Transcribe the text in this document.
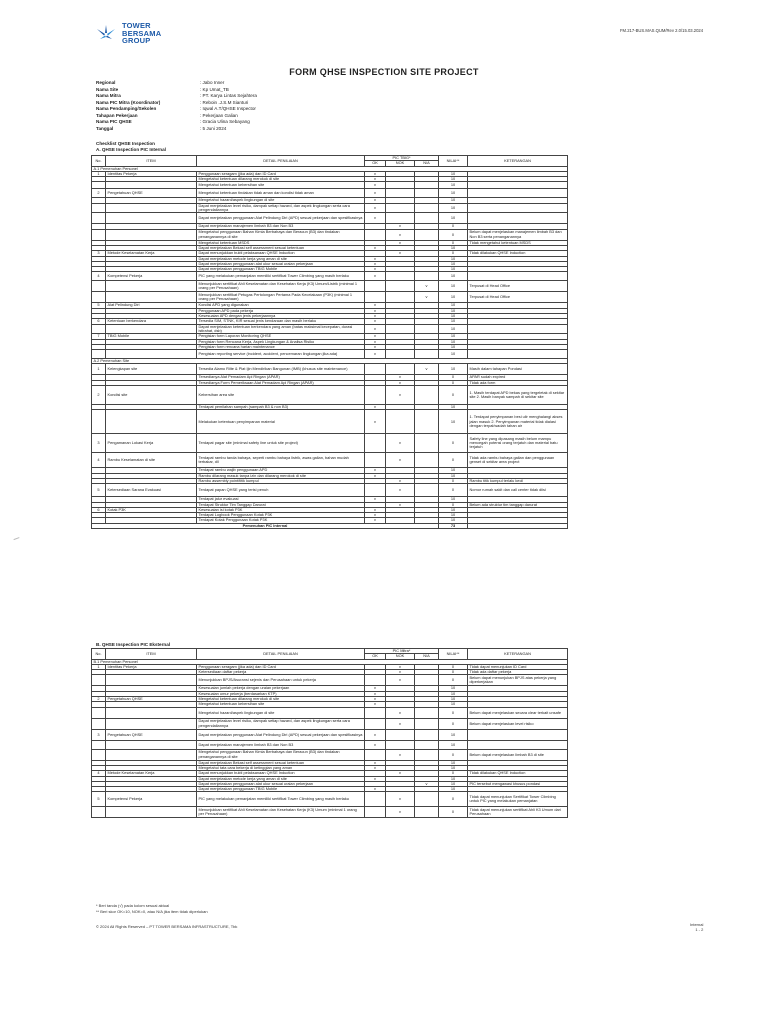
TOWER
BERSAMA
GROUP
FM.217-BUS.MAS.QUM/Rev 2.0/15.03.2024
FORM QHSE INSPECTION SITE PROJECT
Regional	: Jabo Inner
Nama Site	: Kp Umat_TB
Nama Mitra	: PT. Karya Lintas Sejahtera
Nama PIC Mitra (Koordinator)	: Reboin .J.S.M Sianturi
Nama Pendamping/Sekolen	: Iqwal A.T/QHSE Inspector
Tahapan Pekerjaan	: Pekerjaan Galian
Nama PIC QHSE	: Gracia Ulina Sebayang
Tanggal	: 5 Juni 2024
Checklist QHSE Inspection
A. QHSE Inspection PIC Internal
No.	ITEM	DETAIL PENILAIAN	PIC TBIG*			NILAI**	KETERANGAN
			OK	NOK	N/A		
A.1 Pemenuhan Personel							
1	Identitas Pekerja	Penggunaan seragam (jika ada) dan ID Card	v			10	
		Mengetahui ketentuan dilarang merokok di site	v			10	
		Mengetahui ketentuan kebersihan site	v			10	
2	Pengetahuan QHSE	Mengetahui ketentuan tindakan tidak aman dan kondisi tidak aman	v			10	
		Mengetahui hazard/aspek lingkungan di site	v			10	
		Dapat menjelaskan level risiko, dampak setiap hazard, dan aspek lingkungan serta cara pengendaliannya	v			10	
		Dapat menjelaskan penggunaan Alat Pelindung Diri (APD) sesuai pekerjaan dan spesifikasinya	v			10	
		Dapat menjelaskan manajemen limbah B3 dan Non B3		v		0	
		Mengetahui penggunaan Bahan Kimia Berbahaya dan Beracun (B3) dan tindakan penanganannya di site		v		0	Belum dapat menjelaskan manajemen limbah B3 dan Non B3 serta penanganannya
		Mengetahui ketentuan MSDS		v		0	Tidak mengetahui ketentuan MSDS
		Dapat menjelaskan Bekasi self assessment sesuai ketentuan	v			10	
3	Metode Keselamatan Kerja	Dapat menunjukkan bukti pelaksanaan QHSE Induction		v		0	Tidak dilakukan QHSE Induction
		Dapat menjelaskan metode kerja yang aman di site	v			10	
		Dapat menjelaskan penggunaan alat ukur sesuai uraian pekerjaan	v			10	
		Dapat menjelaskan penggunaan TBIG Mobile	v			10	
4	Kompetensi Pekerja	PIC yang melakukan pemanjatan memiliki sertifikat Tower Climbing yang masih berlaku	v			10	
		Menunjukkan sertifikat Ahli Keselamatan dan Kesehatan Kerja (K3) Umum/Listrik (minimal 1 orang per Perusahaan)			v	10	Terpusat di Head Office
		Menunjukkan sertifikat Petugas Pertolongan Pertama Pada Kecelakaan (P3K) (minimal 1 orang per Perusahaan)			v	10	Terpusat di Head Office
5	Alat Pelindung Diri	Kondisi APD yang digunakan	v			10	
		Penggunaan APD pada pekerja	v			10	
		Kesesuaian APD dengan jenis pekerjaannya	v			10	
6	Ketentuan berkendara	Tersedia SIM, STNK, KIR sesuai jenis kendaraan dan masih berlaku	v			10	
		Dapat menjelaskan ketentuan berkendara yang aman (batas maksimal kecepatan, durasi istirahat, dsb)	v			10	
7	TBIG Mobile	Pengisian form Laporan Monitoring QHSE	v			10	
		Pengisian form Rencana Kerja, Aspek Lingkungan & Analisa Risiko	v			10	
		Pengisian form rencana harian maintenance	v			10	
		Pengisian reporting service (incident, accident, pencemaran lingkungan jika ada)	v			10	
A.2 Pemenuhan Site							
1	Kelengkapan site	Tersedia Alamo Rilte & Plat Ijin Mendirikan Bangunan (IMB) (khusus site maintenance)			v	10	Masih dalam tahapan Pondasi
		Tersedianya Alat Pemadam Api Ringan (APAR)		v		0	APAR sudah expired
		Tersedianya Form Pemeriksaan Alat Pemadam Api Ringan (APAR)		v		0	Tidak ada form
2	Kondisi site	Kebersihan area site		v		0	1. Masih terdapat APD bekas yang tergeletak di sekitar site 2. Masih banyak sampah di sekitar site
		Terdapat pemilahan sampah (sampah B3 & non B3)	v			10	
		Melakukan ketentuan penyimpanan material	v			10	1. Terdapat penyimpanan besi ulir menghalangi akses jalan masuk 2. Penyimpanan material tidak dialasi dengan terpal/wadah tahan air
3	Pengamanan Lokasi Kerja	Terdapat pagar site (minimal safety line untuk site project)		v		0	Safety line yang dipasang masih belum mampu mencegah potensi orang terjatuh dan material batu terjatuh
4	Rambu Keselamatan di site	Terdapat rambu tanda bahaya, seperti rambu bahaya listrik, awas galian, bahan mudah terbakar, dll		v		0	Tidak ada rambu bahaya galian dan penggunaan genset di sekitar area project
		Terdapat rambu wajib penggunaan APD	v			10	
		Rambu dilarang masuk tanpa izin dan dilarang merokok di site	v			10	
		Rambu assembly point/titik kumpul		v		0	Rambu titik kumpul terlalu kecil
5	Ketersediaan Sarana Evakuasi	Terdapat papan QHSE yang terisi penuh		v		0	Nomor rumah sakit dan call center tidak diisi
		Terdapat jalur evakuasi	v			10	
		Terdapat Struktur Tim Tanggap Darurat		v		0	Belum ada struktur tim tanggap darurat
6	Kotak P3K	Kesesuaian isi kotak P3K	v			10	
		Terdapat Logbook Penggunaan Kotak P3K	v			10	
		Terdapat Kotak Penggunaan Kotak P3K	v			10	
Pemenuhan PIC Internal						73	
B. QHSE Inspection PIC Eksternal
No.	ITEM	DETAIL PENILAIAN	PIC Mitra*			NILAI**	KETERANGAN
			OK	NOK	N/A		
B.1 Pemenuhan Personel							
1	Identitas Pekerja	Penggunaan seragam (jika ada) dan ID Card		v		0	Tidak dapat menunjukan ID Card
		Ketersediaan daftar pekerja		v		0	Tidak ada daftar pekerja
		Menunjukkan BPJS/Asuransi sejenis dan Perusahaan untuk pekerja		v		0	Belum dapat menunjukan BPJS atas pekerja yang diperkerjakan
		Kesesuaian jumlah pekerja dengan uraian pekerjaan	v			10	
		Kesesuaian umur pekerja (berdasarkan KTP)	v			10	
2	Pengetahuan QHSE	Mengetahui ketentuan dilarang merokok di site	v			10	
		Mengetahui ketentuan kebersihan site	v			10	
		Mengetahui hazard/aspek lingkungan di site		v		0	Belum dapat menjelaskan secara clear terkait unsafe
		Dapat menjelaskan level risiko, dampak setiap hazard, dan aspek lingkungan serta cara pengendaliannya		v		0	Belum dapat menjelaskan level risiko
3	Pengetahuan QHSE	Dapat menjelaskan penggunaan Alat Pelindung Diri (APD) sesuai pekerjaan dan spesifikasinya	v			10	
		Dapat menjelaskan manajemen limbah B3 dan Non B3	v			10	
		Mengetahui penggunaan Bahan Kimia Berbahaya dan Beracun (B3) dan tindakan penanganannya di site		v		0	Belum dapat menjelaskan limbah B3 di site
		Dapat menjelaskan Bekasi self assessment sesuai ketentuan	v			10	
		Mengetahui tata cara bekerja di ketinggian yang aman	v			10	
4	Metode Keselamatan Kerja	Dapat menunjukkan bukti pelaksanaan QHSE Induction		v		0	Tidak dilakukan QHSE Induction
		Dapat menjelaskan metode kerja yang aman di site	v			10	
		Dapat menjelaskan penggunaan alat ukur sesuai uraian pekerjaan			v	10	PIC tersebut mengawasi khusus pondasi
		Dapat menjelaskan penggunaan TBIG Mobile	v			10	
5	Kompetensi Pekerja	PIC yang melakukan pemanjatan memiliki sertifikat Tower Climbing yang masih berlaku		v		0	Tidak dapat menunjukan Sertifikat Tower Climbing untuk PIC yang melakukan pemanjatan
		Menunjukkan sertifikat Ahli Keselamatan dan Kesehatan Kerja (K3) Umum (minimal 1 orang per Perusahaan)		v		0	Tidak dapat menunjukan sertifikat Ahli K3 Umum dari Perusahaan
* Beri tanda (√) pada kolom sesuai aktual
** Beri skor OK=10, NOK=0, atau N/A jika item tidak diperlukan
© 2024 All Rights Reserved – PT TOWER BERSAMA INFRASTRUCTURE, Tbk	Internal
1 - 2
